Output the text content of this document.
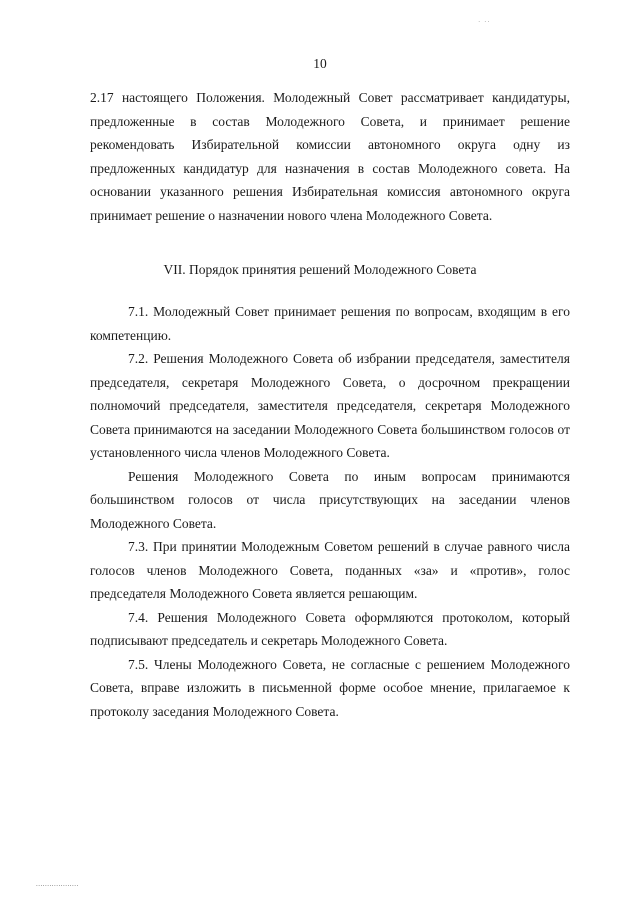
· ··
10

2.17 настоящего Положения. Молодежный Совет рассматривает кандидатуры, предложенные в состав Молодежного Совета, и принимает решение рекомендовать Избирательной комиссии автономного округа одну из предложенных кандидатур для назначения в состав Молодежного совета. На основании указанного решения Избирательная комиссия автономного округа принимает решение о назначении нового члена Молодежного Совета.

VII. Порядок принятия решений Молодежного Совета

7.1. Молодежный Совет принимает решения по вопросам, входящим в его компетенцию.

7.2. Решения Молодежного Совета об избрании председателя, заместителя председателя, секретаря Молодежного Совета, о досрочном прекращении полномочий председателя, заместителя председателя, секретаря Молодежного Совета принимаются на заседании Молодежного Совета большинством голосов от установленного числа членов Молодежного Совета.

Решения Молодежного Совета по иным вопросам принимаются большинством голосов от числа присутствующих на заседании членов Молодежного Совета.

7.3. При принятии Молодежным Советом решений в случае равного числа голосов членов Молодежного Совета, поданных «за» и «против», голос председателя Молодежного Совета является решающим.

7.4. Решения Молодежного Совета оформляются протоколом, который подписывают председатель и секретарь Молодежного Совета.

7.5. Члены Молодежного Совета, не согласные с решением Молодежного Совета, вправе изложить в письменной форме особое мнение, прилагаемое к протоколу заседания Молодежного Совета.

...................
